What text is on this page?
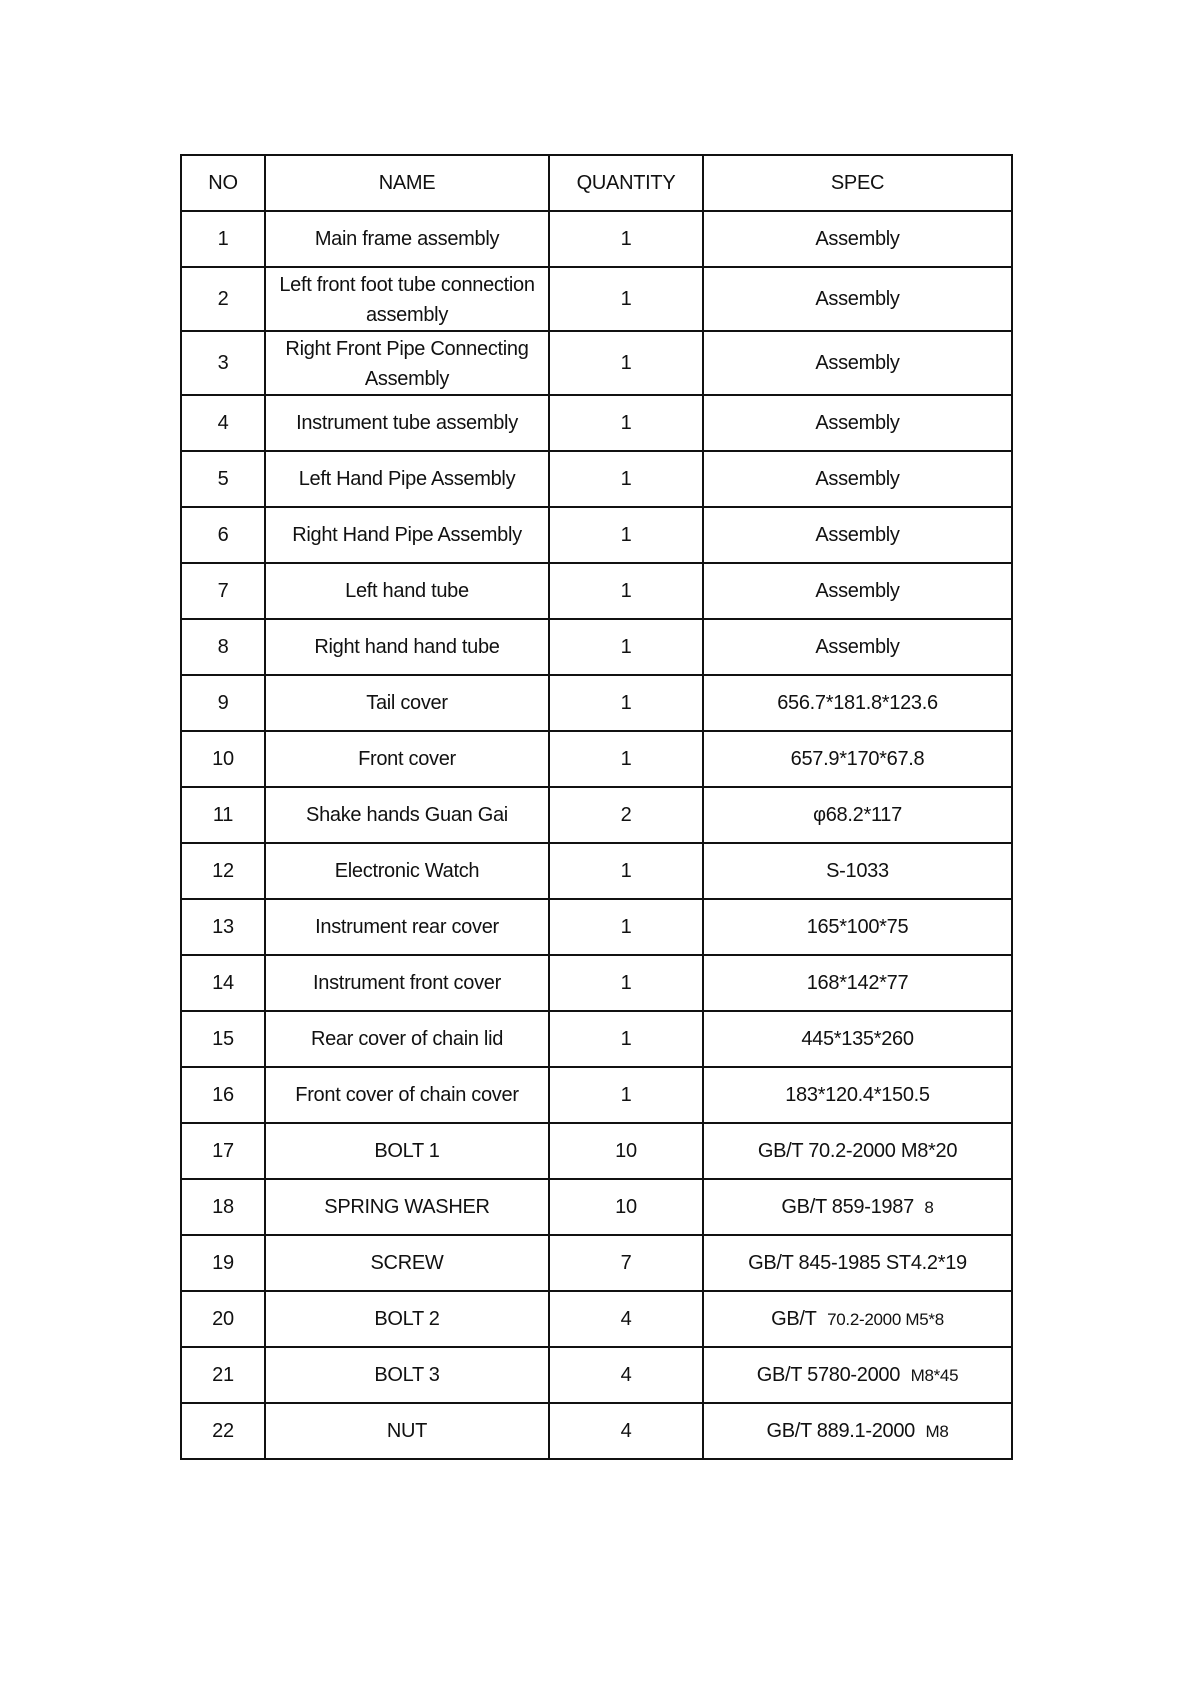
NO	NAME	QUANTITY	SPEC
1	Main frame assembly	1	Assembly
2	Left front foot tube connection assembly	1	Assembly
3	Right Front Pipe Connecting Assembly	1	Assembly
4	Instrument tube assembly	1	Assembly
5	Left Hand Pipe Assembly	1	Assembly
6	Right Hand Pipe Assembly	1	Assembly
7	Left hand tube	1	Assembly
8	Right hand hand tube	1	Assembly
9	Tail cover	1	656.7*181.8*123.6
10	Front cover	1	657.9*170*67.8
11	Shake hands Guan Gai	2	φ68.2*117
12	Electronic Watch	1	S-1033
13	Instrument rear cover	1	165*100*75
14	Instrument front cover	1	168*142*77
15	Rear cover of chain lid	1	445*135*260
16	Front cover of chain cover	1	183*120.4*150.5
17	BOLT 1	10	GB/T 70.2-2000 M8*20
18	SPRING WASHER	10	GB/T 859-1987 8
19	SCREW	7	GB/T 845-1985 ST4.2*19
20	BOLT 2	4	GB/T 70.2-2000 M5*8
21	BOLT 3	4	GB/T 5780-2000 M8*45
22	NUT	4	GB/T 889.1-2000 M8
